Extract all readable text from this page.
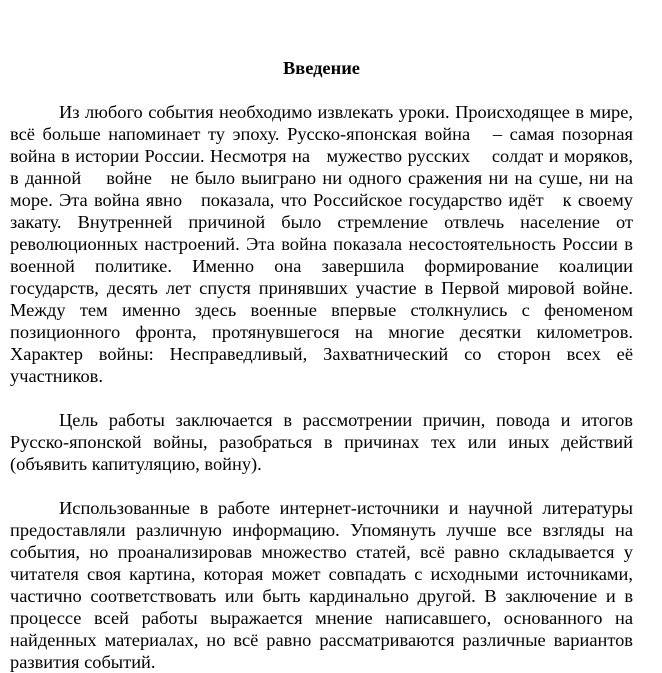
Введение

Из любого события необходимо извлекать уроки. Происходящее в мире, всё больше напоминает ту эпоху. Русско-японская война   – самая позорная война в истории России. Несмотря на   мужество русских    солдат и моряков, в данной    войне   не было выиграно ни одного сражения ни на суше, ни на море. Эта война явно   показала, что Российское государство идёт   к своему закату. Внутренней причиной было стремление отвлечь население от революционных настроений. Эта война показала несостоятельность России в военной политике. Именно она завершила формирование коалиции государств, десять лет спустя принявших участие в Первой мировой войне. Между тем именно здесь военные впервые столкнулись с феноменом позиционного фронта, протянувшегося на многие десятки километров. Характер войны: Несправедливый, Захватнический со сторон всех её участников.

Цель работы заключается в рассмотрении причин, повода и итогов Русско-японской войны, разобраться в причинах тех или иных действий (объявить капитуляцию, войну).

Использованные в работе интернет-источники и научной литературы предоставляли различную информацию. Упомянуть лучше все взгляды на события, но проанализировав множество статей, всё равно складывается у читателя своя картина, которая может совпадать с исходными источниками, частично соответствовать или быть кардинально другой. В заключение и в процессе всей работы выражается мнение написавшего, основанного на найденных материалах, но всё равно рассматриваются различные вариантов развития событий.
